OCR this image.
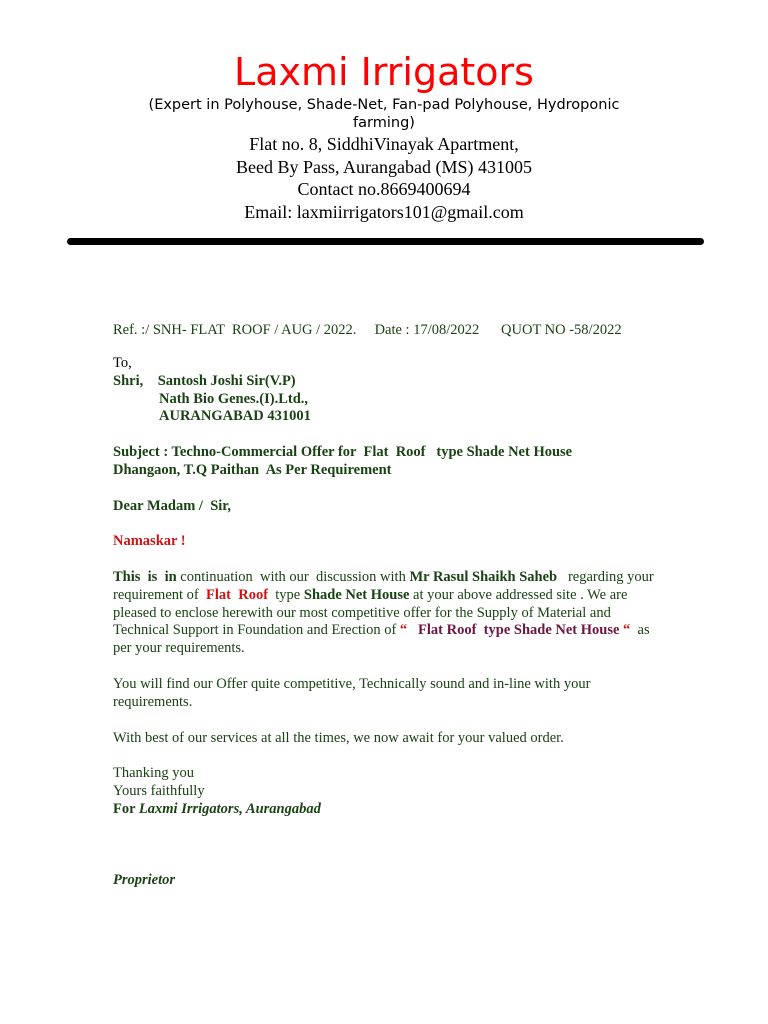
Laxmi Irrigators
(Expert in Polyhouse, Shade-Net, Fan-pad Polyhouse, Hydroponic farming)
Flat no. 8, SiddhiVinayak Apartment,
Beed By Pass, Aurangabad (MS) 431005
Contact no.8669400694
Email: laxmiirrigators101@gmail.com
Ref. :/ SNH- FLAT  ROOF / AUG / 2022. Date : 17/08/2022 QUOT NO -58/2022
To,
Shri,    Santosh Joshi Sir(V.P)
Nath Bio Genes.(I).Ltd.,
AURANGABAD 431001
Subject : Techno-Commercial Offer for  Flat  Roof   type Shade Net House
Dhangaon, T.Q Paithan  As Per Requirement
Dear Madam /  Sir,
Namaskar !
This  is  in continuation  with our  discussion with Mr Rasul Shaikh Saheb   regarding your requirement of  Flat  Roof  type Shade Net House at your above addressed site . We are pleased to enclose herewith our most competitive offer for the Supply of Material and Technical Support in Foundation and Erection of “   Flat Roof  type Shade Net House “  as per your requirements.
You will find our Offer quite competitive, Technically sound and in-line with your requirements.
With best of our services at all the times, we now await for your valued order.
Thanking you
Yours faithfully
For Laxmi Irrigators, Aurangabad
Proprietor
